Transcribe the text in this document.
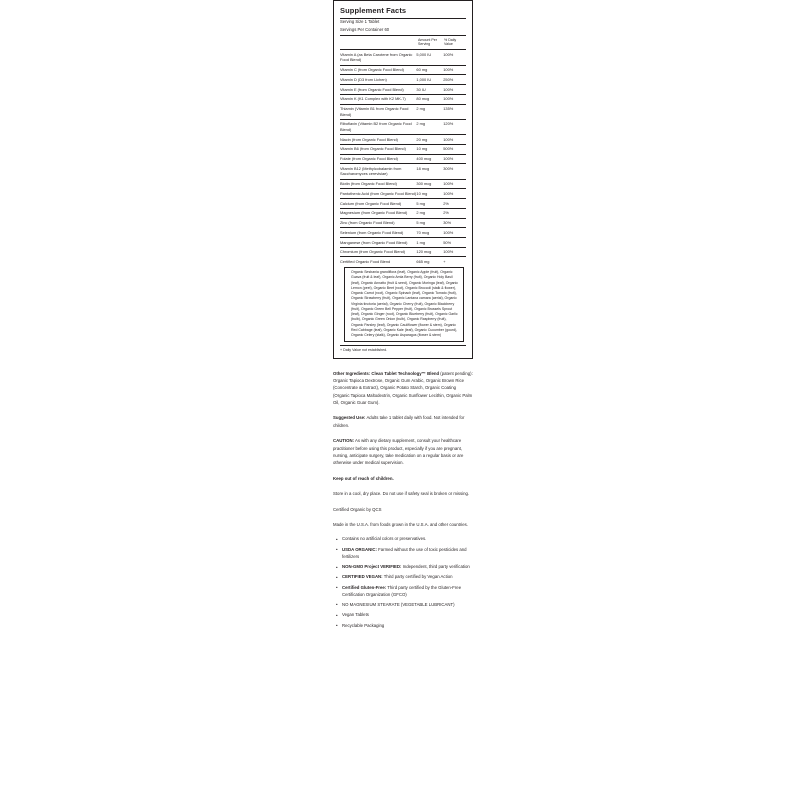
Supplement Facts
Serving Size 1 Tablet
Servings Per Container 60
Amount Per Serving
% Daily Value
Vitamin A (as Beta Carotene from Organic Food Blend)	5,000 IU	100%
Vitamin C (from Organic Food Blend)	60 mg	100%
Vitamin D (D3 from Lichen)	1,000 IU	250%
Vitamin E (from Organic Food Blend)	30 IU	100%
Vitamin K (K1 Complex with K2 MK-7)	80 mcg	100%
Thiamin (Vitamin B1 from Organic Food Blend)	2 mg	135%
Riboflavin (Vitamin B2 from Organic Food Blend)	2 mg	120%
Niacin (from Organic Food Blend)	20 mg	100%
Vitamin B6 (from Organic Food Blend)	10 mg	500%
Folate (from Organic Food Blend)	400 mcg	100%
Vitamin B12 (Methylcobalamin from Saccharomyces cerevisiae)	18 mcg	300%
Biotin (from Organic Food Blend)	300 mcg	100%
Pantothenic Acid (from Organic Food Blend)	10 mg	100%
Calcium (from Organic Food Blend)	5 mg	2%
Magnesium (from Organic Food Blend)	2 mg	2%
Zinc (from Organic Food Blend)	5 mg	30%
Selenium (from Organic Food Blend)	70 mcg	100%
Manganese (from Organic Food Blend)	1 mg	50%
Chromium (from Organic Food Blend)	120 mcg	100%
Certified Organic Food Blend	665 mg	+
Organic Sesbania grandiflora (leaf), Organic Apple (fruit), Organic Guava (fruit & leaf), Organic Amla Berry (fruit), Organic Holy Basil (leaf), Organic Annatto (fruit & seed), Organic Moringa (leaf), Organic Lemon (peel), Organic Beet (root), Organic Broccoli (stalk & flower), Organic Carrot (root), Organic Spinach (leaf), Organic Tomato (fruit), Organic Strawberry (fruit), Organic Lantana camara (aerial), Organic Virginia tinctoria (aerial), Organic Cherry (fruit), Organic Blackberry (fruit), Organic Green Bell Pepper (fruit), Organic Brussels Sprout (leaf), Organic Ginger (root), Organic Blueberry (fruit), Organic Garlic (bulb), Organic Green Onion (bulb), Organic Raspberry (fruit), Organic Parsley (leaf), Organic Cauliflower (flower & stem), Organic Red Cabbage (leaf), Organic Kale (leaf), Organic Cucumber (gourd), Organic Celery (stalk), Organic Asparagus (flower & stem)
+ Daily Value not established.

Other Ingredients: Clean Tablet Technology™ Blend (patent pending): Organic Tapioca Dextrose, Organic Gum Arabic, Organic Brown Rice (Concentrate & Extract), Organic Potato Starch, Organic Coating (Organic Tapioca Maltodextrin, Organic Sunflower Lecithin, Organic Palm Oil, Organic Guar Gum).

Suggested Use: Adults take 1 tablet daily with food. Not intended for children.

CAUTION: As with any dietary supplement, consult your healthcare practitioner before using this product, especially if you are pregnant, nursing, anticipate surgery, take medication on a regular basis or are otherwise under medical supervision.

Keep out of reach of children.

Store in a cool, dry place. Do not use if safety seal is broken or missing.

Certified Organic by QCS

Made in the U.S.A. from foods grown in the U.S.A. and other countries.

• Contains no artificial colors or preservatives.
• USDA ORGANIC: Farmed without the use of toxic pesticides and fertilizers
• NON-GMO Project VERIFIED: Independent, third party verification
• CERTIFIED VEGAN: Third party certified by Vegan Action
• Certified Gluten-Free: Third party certified by the Gluten-Free Certification Organization (GFCO)
• NO MAGNESIUM STEARATE (VEGETABLE LUBRICANT)
• Vegan Tablets
• Recyclable Packaging
